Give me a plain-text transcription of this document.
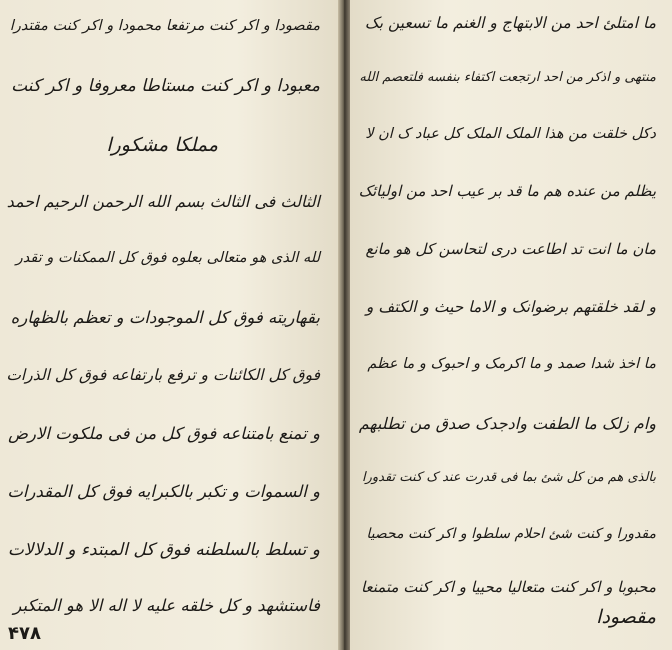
مقصودا و اکر کنت مرتفعا محمودا و اکر کنت مقتدرا
معبودا و اکر کنت مستاطا معروفا و اکر کنت
مملکا مشکورا
الثالث فی الثالث بسم الله الرحمن الرحیم احمد
لله الذی هو متعالی بعلوه فوق کل الممکنات و تقدر
بقهاریته فوق کل الموجودات و تعظم بالظهاره
فوق کل الکائنات و ترفع بارتفاعه فوق کل الذرات
و تمنع بامتناعه فوق کل من فی ملکوت الارض
و السموات و تکبر بالکبرایه فوق کل المقدرات
و تسلط بالسلطنه فوق کل المبتدء و الدلالات
فاستشهد و کل خلقه علیه لا اله الا هو المتکبر
۴۷۸
ما امتلئ احد من الابتهاج و الغنم ما تسعین بک
منتهی و اذکر من احد ارتجعت اکتفاء بنفسه فلتعصم الله
دکل خلقت من هذا الملک الملک کل عباد ک ان لا
یظلم من عنده هم ما قد بر عیب احد من اولیائک
مان ما انت تد اطاعت دری لتحاسن کل هو مانع
و لقد خلقتهم برضوانک و الاما حیث و الکتف و
ما اخذ شدا صمد و ما اکرمک و احبوک و ما عظم
وام زلک ما الطفت وادجدک صدق من تطلبهم
بالذی هم من کل شئ بما فی قدرت عند ک کنت تقدورا
مقدورا و کنت شئ احلام سلطوا و اکر کنت محصیا
محبوبا و اکر کنت متعالیا محییا و اکر کنت متمنعا
مقصودا
